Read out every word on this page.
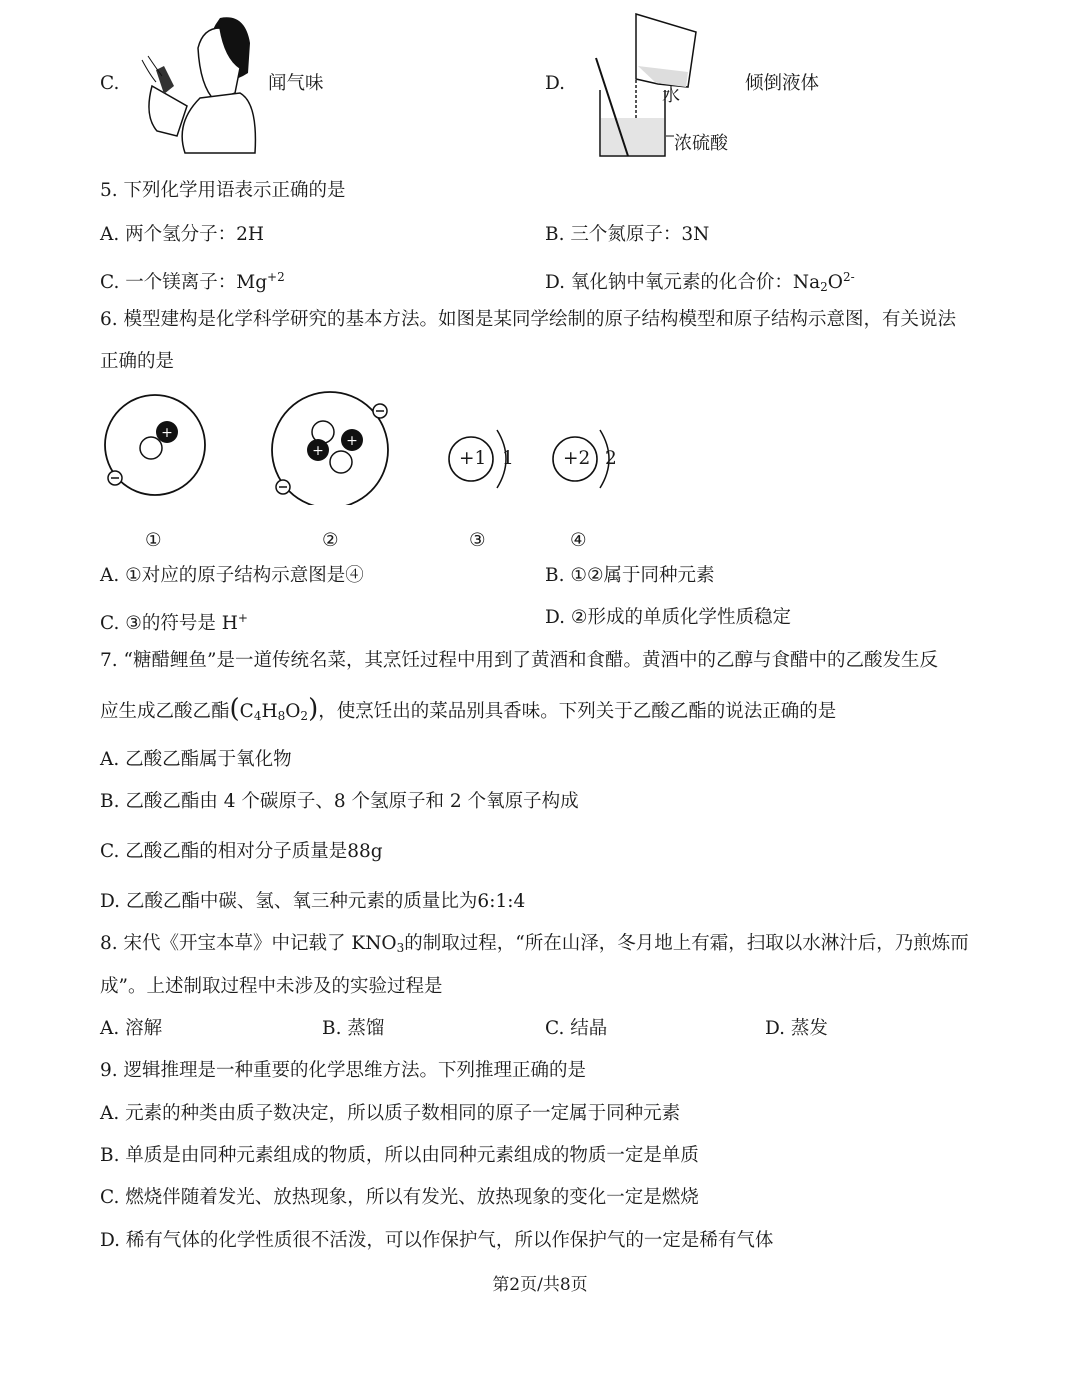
C.	闻气味	D.
水
浓硫酸
倾倒液体
5. 下列化学用语表示正确的是
A. 两个氢分子：2H	B. 三个氮原子：3N
C. 一个镁离子：$Mg^{+2}$	D. 氧化钠中氧元素的化合价：$Na_2O^{2-}$
6. 模型建构是化学科学研究的基本方法。如图是某同学绘制的原子结构模型和原子结构示意图，有关说法
正确的是
+
+
+
+1 1	+2 2
①	②	③	④
A. ①对应的原子结构示意图是④	B. ①②属于同种元素
C. ③的符号是 H+	D. ②形成的单质化学性质稳定
7. “糖醋鲤鱼”是一道传统名菜，其烹饪过程中用到了黄酒和食醋。黄酒中的乙醇与食醋中的乙酸发生反
应生成乙酸乙酯$(C_4H_8O_2)$，使烹饪出的菜品别具香味。下列关于乙酸乙酯的说法正确的是
A. 乙酸乙酯属于氧化物
B. 乙酸乙酯由 4 个碳原子、8 个氢原子和 2 个氧原子构成
C. 乙酸乙酯的相对分子质量是88g
D. 乙酸乙酯中碳、氢、氧三种元素的质量比为6:1:4
8. 宋代《开宝本草》中记载了 $KNO_3$的制取过程，“所在山泽，冬月地上有霜，扫取以水淋汁后，乃煎炼而
成”。上述制取过程中未涉及的实验过程是
A. 溶解	B. 蒸馏	C. 结晶	D. 蒸发
9. 逻辑推理是一种重要的化学思维方法。下列推理正确的是
A. 元素的种类由质子数决定，所以质子数相同的原子一定属于同种元素
B. 单质是由同种元素组成的物质，所以由同种元素组成的物质一定是单质
C. 燃烧伴随着发光、放热现象，所以有发光、放热现象的变化一定是燃烧
D. 稀有气体的化学性质很不活泼，可以作保护气，所以作保护气的一定是稀有气体
第2页/共8页
